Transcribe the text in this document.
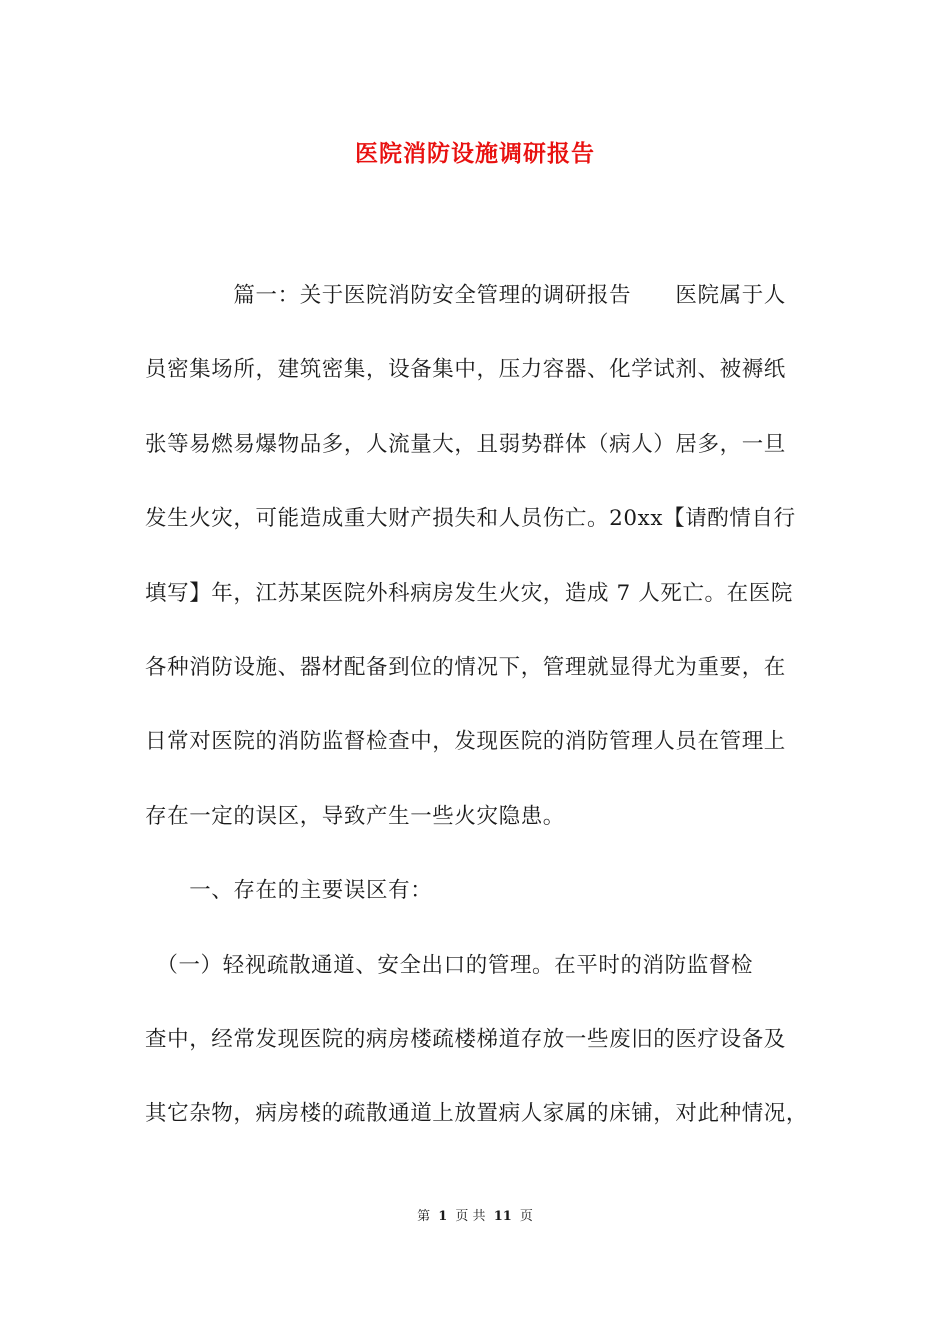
医院消防设施调研报告
　　　　篇一：关于医院消防安全管理的调研报告　　医院属于人
员密集场所，建筑密集，设备集中，压力容器、化学试剂、被褥纸
张等易燃易爆物品多，人流量大，且弱势群体（病人）居多，一旦
发生火灾，可能造成重大财产损失和人员伤亡。20xx【请酌情自行
填写】年，江苏某医院外科病房发生火灾，造成 7 人死亡。在医院
各种消防设施、器材配备到位的情况下，管理就显得尤为重要，在
日常对医院的消防监督检查中，发现医院的消防管理人员在管理上
存在一定的误区，导致产生一些火灾隐患。
　　一、存在的主要误区有：
　（一）轻视疏散通道、安全出口的管理。在平时的消防监督检
查中，经常发现医院的病房楼疏楼梯道存放一些废旧的医疗设备及
其它杂物，病房楼的疏散通道上放置病人家属的床铺，对此种情况，
第 1 页 共 11 页
